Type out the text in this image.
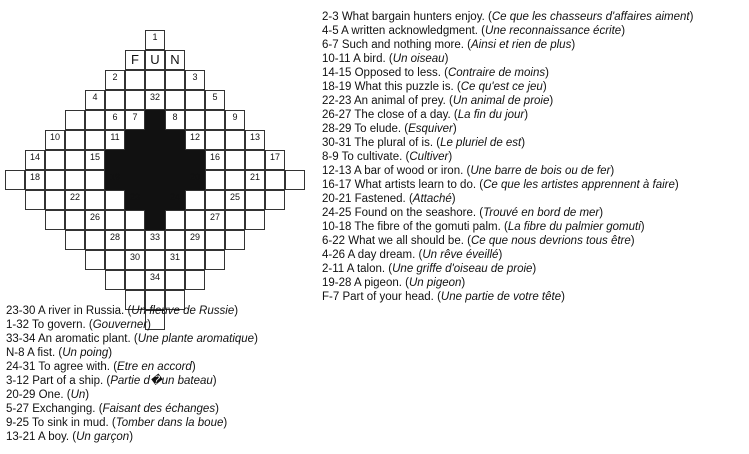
F U N
1
2	3
4	5
6	7	8	9
10	11	12	13
14	15	16	17
18	19	20	21
22	23	24	25
26	27
28	29
30	31
32
33
34
2-3 What bargain hunters enjoy. (Ce que les chasseurs d'affaires aiment)
4-5 A written acknowledgment. (Une reconnaissance écrite)
6-7 Such and nothing more. (Ainsi et rien de plus)
10-11 A bird. (Un oiseau)
14-15 Opposed to less. (Contraire de moins)
18-19 What this puzzle is. (Ce qu'est ce jeu)
22-23 An animal of prey. (Un animal de proie)
26-27 The close of a day. (La fin du jour)
28-29 To elude. (Esquiver)
30-31 The plural of is. (Le pluriel de est)
8-9 To cultivate. (Cultiver)
12-13 A bar of wood or iron. (Une barre de bois ou de fer)
16-17 What artists learn to do. (Ce que les artistes apprennent à faire)
20-21 Fastened. (Attaché)
24-25 Found on the seashore. (Trouvé en bord de mer)
10-18 The fibre of the gomuti palm. (La fibre du palmier gomuti)
6-22 What we all should be. (Ce que nous devrions tous être)
4-26 A day dream. (Un rêve éveillé)
2-11 A talon. (Une griffe d'oiseau de proie)
19-28 A pigeon. (Un pigeon)
F-7 Part of your head. (Une partie de votre tête)
23-30 A river in Russia. (Un fleuve de Russie)
1-32 To govern. (Gouverner)
33-34 An aromatic plant. (Une plante aromatique)
N-8 A fist. (Un poing)
24-31 To agree with. (Etre en accord)
3-12 Part of a ship. (Partie d�un bateau)
20-29 One. (Un)
5-27 Exchanging. (Faisant des échanges)
9-25 To sink in mud. (Tomber dans la boue)
13-21 A boy. (Un garçon)
